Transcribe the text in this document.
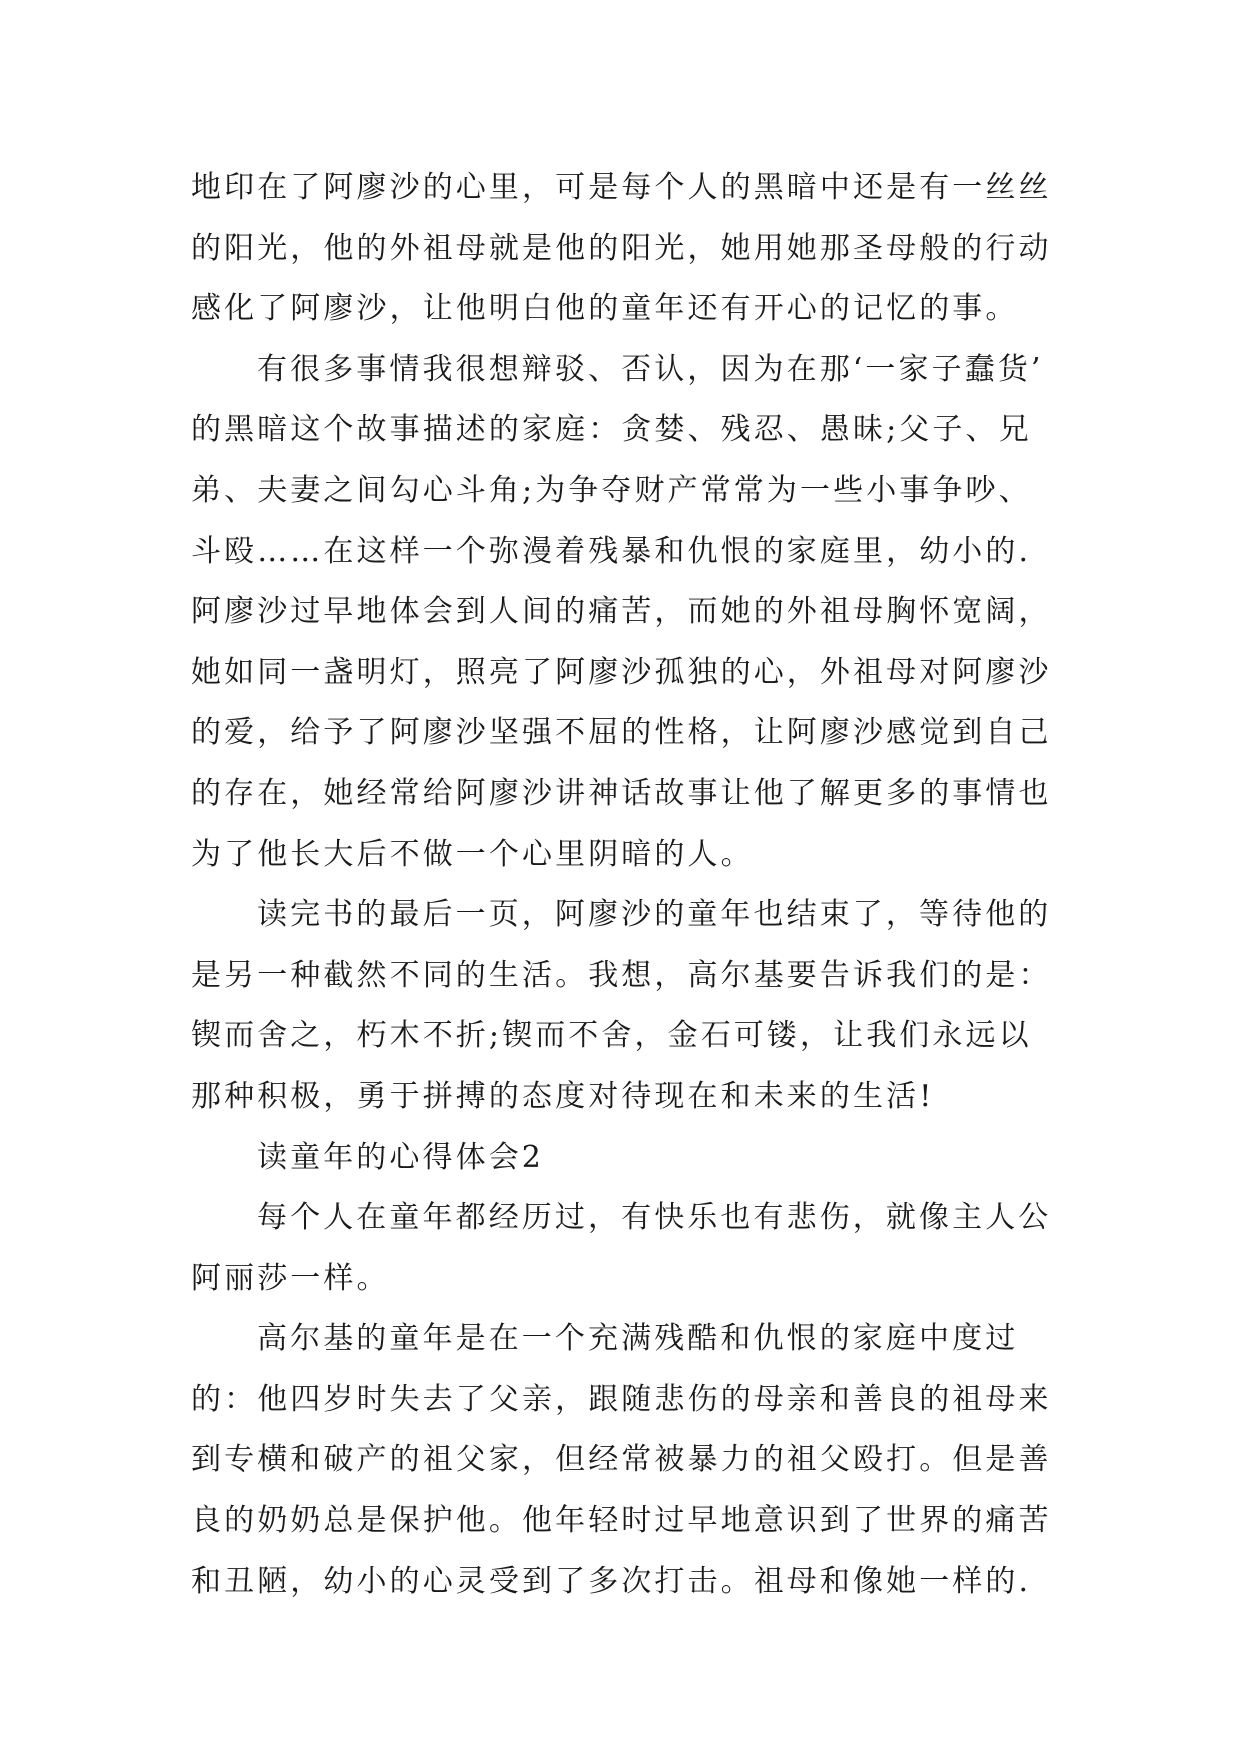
地印在了阿廖沙的心里，可是每个人的黑暗中还是有一丝丝
的阳光，他的外祖母就是他的阳光，她用她那圣母般的行动
感化了阿廖沙，让他明白他的童年还有开心的记忆的事。
有很多事情我很想辩驳、否认，因为在那‘一家子蠢货’
的黑暗这个故事描述的家庭：贪婪、残忍、愚昧;父子、兄
弟、夫妻之间勾心斗角;为争夺财产常常为一些小事争吵、
斗殴……在这样一个弥漫着残暴和仇恨的家庭里，幼小的.
阿廖沙过早地体会到人间的痛苦，而她的外祖母胸怀宽阔，
她如同一盏明灯，照亮了阿廖沙孤独的心，外祖母对阿廖沙
的爱，给予了阿廖沙坚强不屈的性格，让阿廖沙感觉到自己
的存在，她经常给阿廖沙讲神话故事让他了解更多的事情也
为了他长大后不做一个心里阴暗的人。
读完书的最后一页，阿廖沙的童年也结束了，等待他的
是另一种截然不同的生活。我想，高尔基要告诉我们的是：
锲而舍之，朽木不折;锲而不舍，金石可镂，让我们永远以
那种积极，勇于拼搏的态度对待现在和未来的生活!
读童年的心得体会2
每个人在童年都经历过，有快乐也有悲伤，就像主人公
阿丽莎一样。
高尔基的童年是在一个充满残酷和仇恨的家庭中度过
的：他四岁时失去了父亲，跟随悲伤的母亲和善良的祖母来
到专横和破产的祖父家，但经常被暴力的祖父殴打。但是善
良的奶奶总是保护他。他年轻时过早地意识到了世界的痛苦
和丑陋，幼小的心灵受到了多次打击。祖母和像她一样的.
